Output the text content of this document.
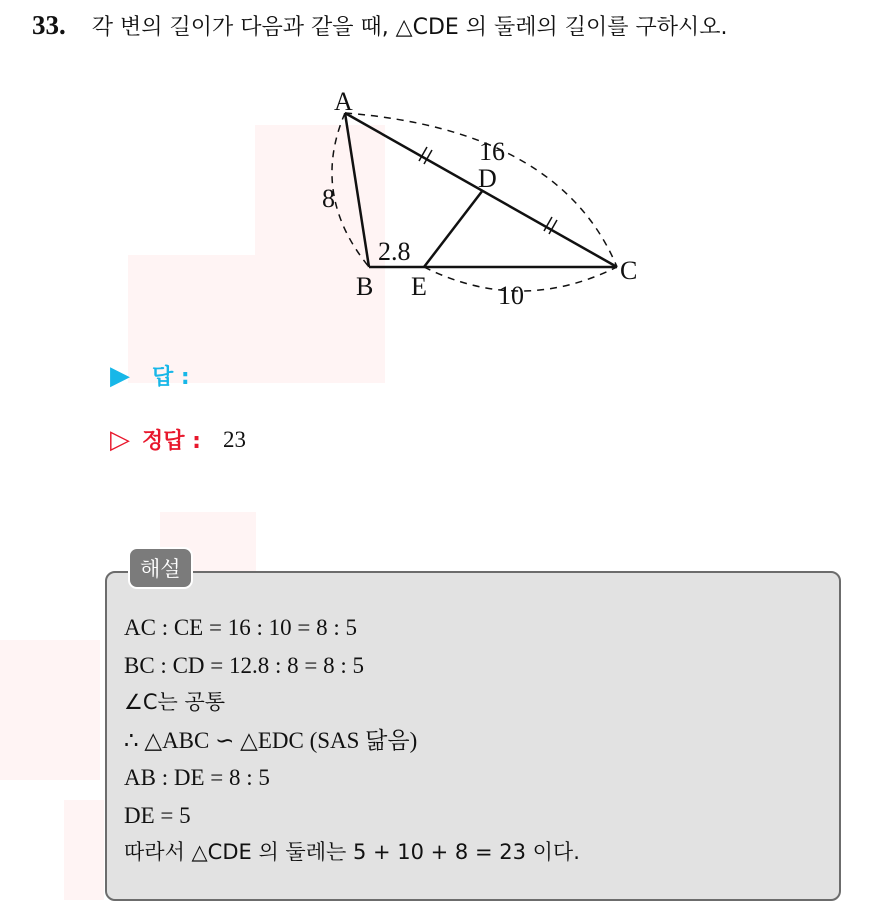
33. 각 변의 길이가 다음과 같을 때, △CDE 의 둘레의 길이를 구하시오.
A
B
C
D
E
16
8
2.8
10
▶ 답 :
▷ 정답 : 23
해설
AC : CE = 16 : 10 = 8 : 5
BC : CD = 12.8 : 8 = 8 : 5
∠C는 공통
∴ △ABC ∽ △EDC (SAS 닮음)
AB : DE = 8 : 5
DE = 5
따라서 △CDE 의 둘레는 5 + 10 + 8 = 23 이다.
